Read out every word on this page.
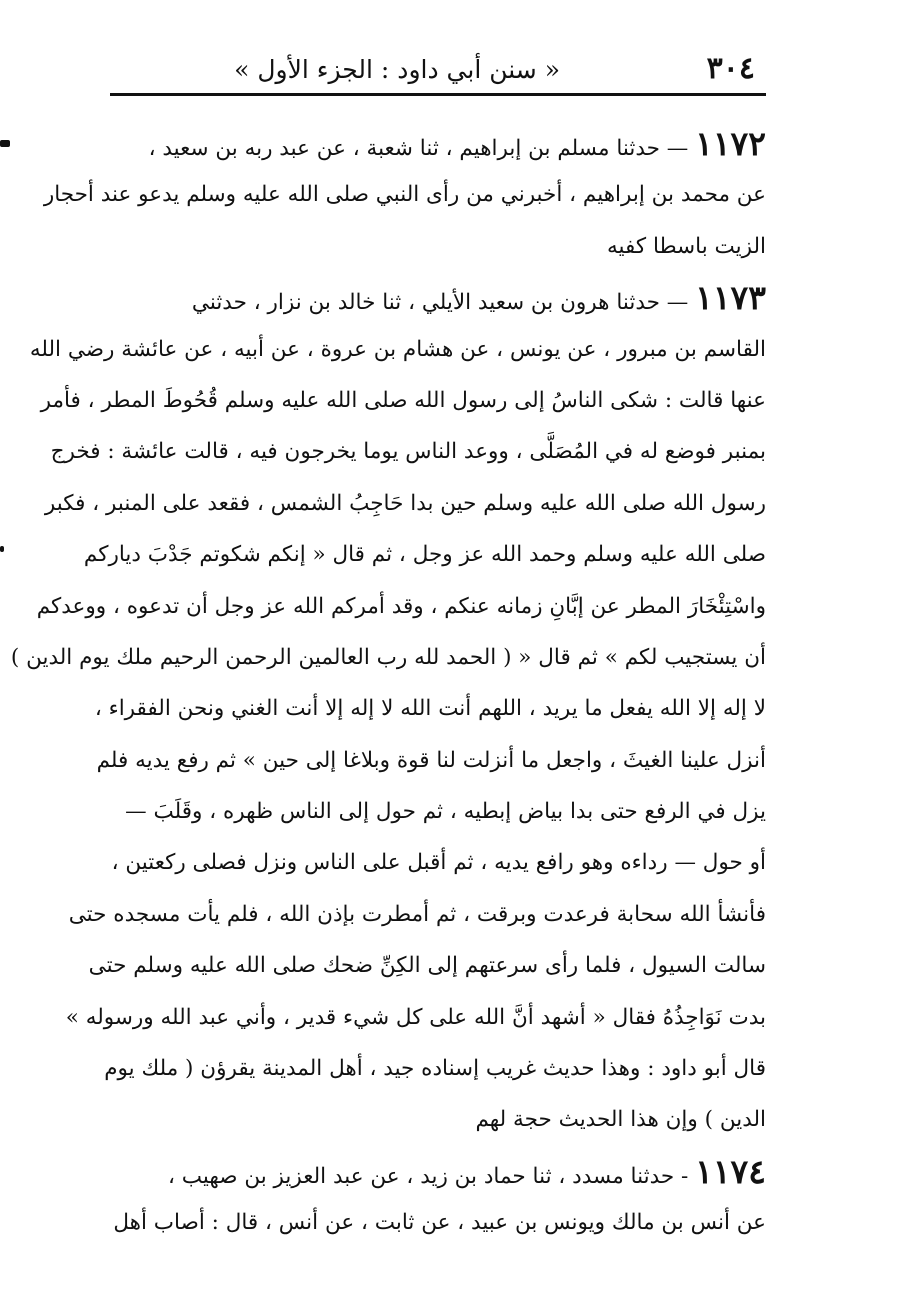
٣٠٤
« سنن أبي داود : الجزء الأول »
١١٧٢ — حدثنا مسلم بن إبراهيم ، ثنا شعبة ، عن عبد ربه بن سعيد ،
عن محمد بن إبراهيم ، أخبرني من رأى النبي صلى الله عليه وسلم يدعو عند أحجار
الزيت باسطا كفيه
١١٧٣ — حدثنا هرون بن سعيد الأيلي ، ثنا خالد بن نزار ، حدثني
القاسم بن مبرور ، عن يونس ، عن هشام بن عروة ، عن أبيه ، عن عائشة رضي الله
عنها قالت : شكى الناسُ إلى رسول الله صلى الله عليه وسلم قُحُوطَ المطر ، فأمر
بمنبر فوضع له في المُصَلَّى ، ووعد الناس يوما يخرجون فيه ، قالت عائشة : فخرج
رسول الله صلى الله عليه وسلم حين بدا حَاجِبُ الشمس ، فقعد على المنبر ، فكبر
صلى الله عليه وسلم وحمد الله عز وجل ، ثم قال « إنكم شكوتم جَدْبَ دياركم
واسْتِئْخَارَ المطر عن إبَّانِ زمانه عنكم ، وقد أمركم الله عز وجل أن تدعوه ، ووعدكم
أن يستجيب لكم » ثم قال « ( الحمد لله رب العالمين الرحمن الرحيم ملك يوم الدين )
لا إله إلا الله يفعل ما يريد ، اللهم أنت الله لا إله إلا أنت الغني ونحن الفقراء ،
أنزل علينا الغيثَ ، واجعل ما أنزلت لنا قوة وبلاغا إلى حين » ثم رفع يديه فلم
يزل في الرفع حتى بدا بياض إبطيه ، ثم حول إلى الناس ظهره ، وقَلَبَ —
أو حول — رداءه وهو رافع يديه ، ثم أقبل على الناس ونزل فصلى ركعتين ،
فأنشأ الله سحابة فرعدت وبرقت ، ثم أمطرت بإذن الله ، فلم يأت مسجده حتى
سالت السيول ، فلما رأى سرعتهم إلى الكِنِّ ضحك صلى الله عليه وسلم حتى
بدت نَوَاجِذُهُ فقال « أشهد أنَّ الله على كل شيء قدير ، وأني عبد الله ورسوله »
قال أبو داود : وهذا حديث غريب إسناده جيد ، أهل المدينة يقرؤن ( ملك يوم
الدين ) وإن هذا الحديث حجة لهم
١١٧٤ - حدثنا مسدد ، ثنا حماد بن زيد ، عن عبد العزيز بن صهيب ،
عن أنس بن مالك ويونس بن عبيد ، عن ثابت ، عن أنس ، قال : أصاب أهل
